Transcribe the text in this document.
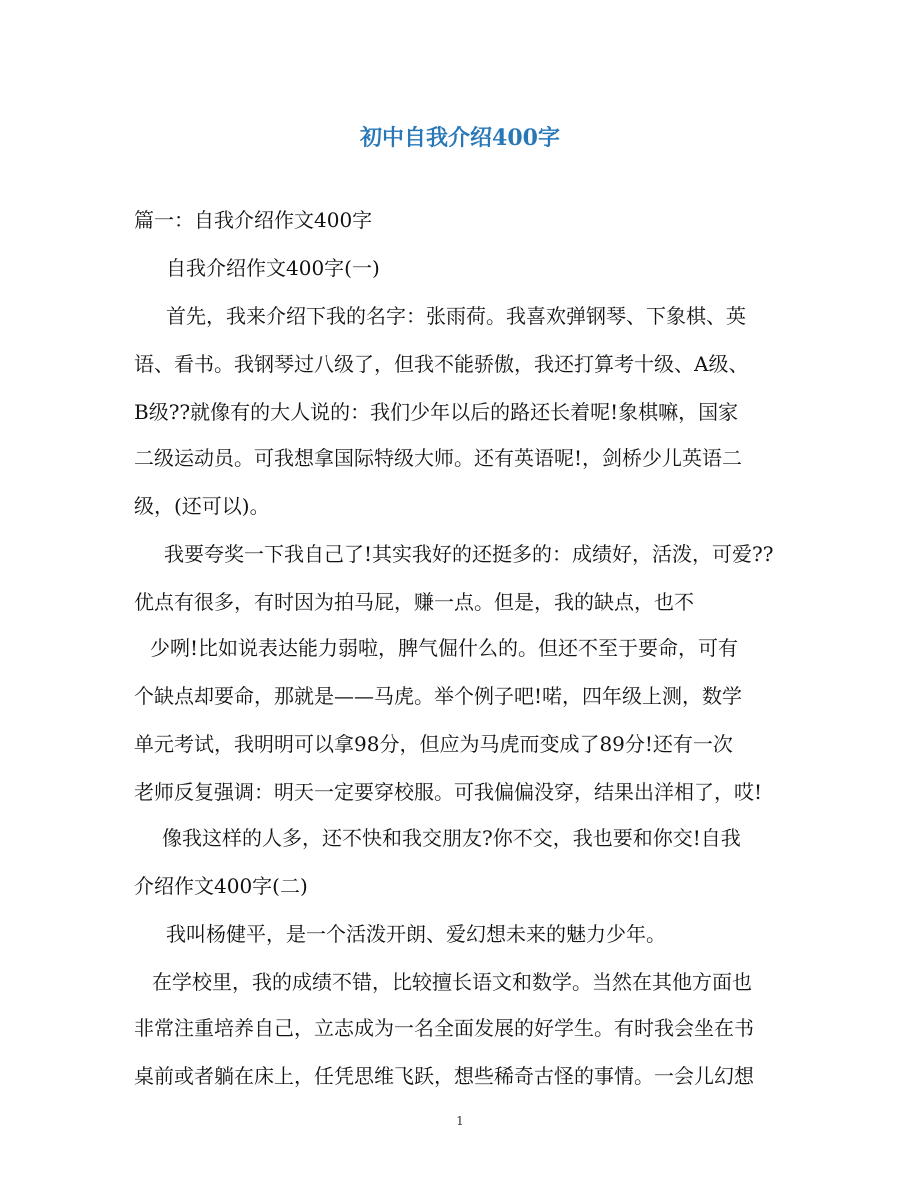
初中自我介绍400字
篇一：自我介绍作文400字
自我介绍作文400字(一)
首先，我来介绍下我的名字：张雨荷。我喜欢弹钢琴、下象棋、英
语、看书。我钢琴过八级了，但我不能骄傲，我还打算考十级、A级、
B级??就像有的大人说的：我们少年以后的路还长着呢!象棋嘛，国家
二级运动员。可我想拿国际特级大师。还有英语呢!，剑桥少儿英语二
级，(还可以)。
我要夸奖一下我自己了!其实我好的还挺多的：成绩好，活泼，可爱??
优点有很多，有时因为拍马屁，赚一点。但是，我的缺点，也不
少咧!比如说表达能力弱啦，脾气倔什么的。但还不至于要命，可有
个缺点却要命，那就是——马虎。举个例子吧!喏，四年级上测，数学
单元考试，我明明可以拿98分，但应为马虎而变成了89分!还有一次
老师反复强调：明天一定要穿校服。可我偏偏没穿，结果出洋相了，哎!
像我这样的人多，还不快和我交朋友?你不交，我也要和你交!自我
介绍作文400字(二)
我叫杨健平，是一个活泼开朗、爱幻想未来的魅力少年。
在学校里，我的成绩不错，比较擅长语文和数学。当然在其他方面也
非常注重培养自己，立志成为一名全面发展的好学生。有时我会坐在书
桌前或者躺在床上，任凭思维飞跃，想些稀奇古怪的事情。一会儿幻想
1
